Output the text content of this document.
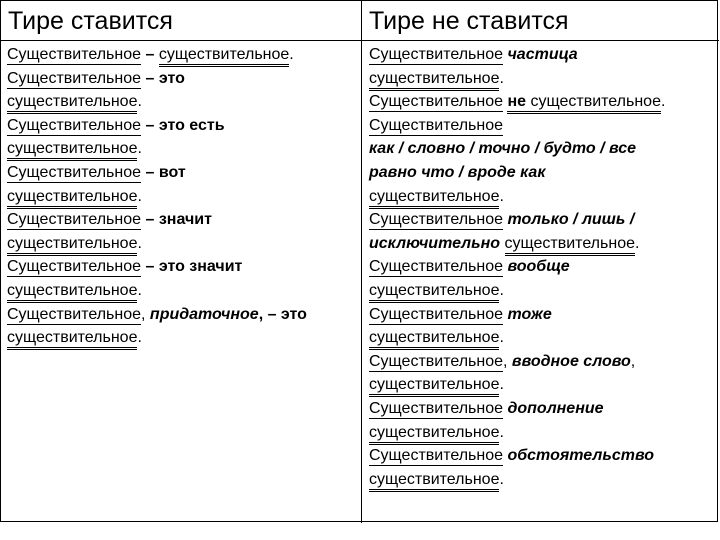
Тире ставится	Тире не ставится
Существительное – существительное.
Существительное – это
существительное.
Существительное – это есть
существительное.
Существительное – вот
существительное.
Существительное – значит
существительное.
Существительное – это значит
существительное.
Существительное, придаточное, – это
существительное.
Существительное частица
существительное.
Существительное не существительное.
Существительное
как / словно / точно / будто / все
равно что / вроде как
существительное.
Существительное только / лишь /
исключительно существительное.
Существительное вообще
существительное.
Существительное тоже
существительное.
Существительное, вводное слово,
существительное.
Существительное дополнение
существительное.
Существительное обстоятельство
существительное.
